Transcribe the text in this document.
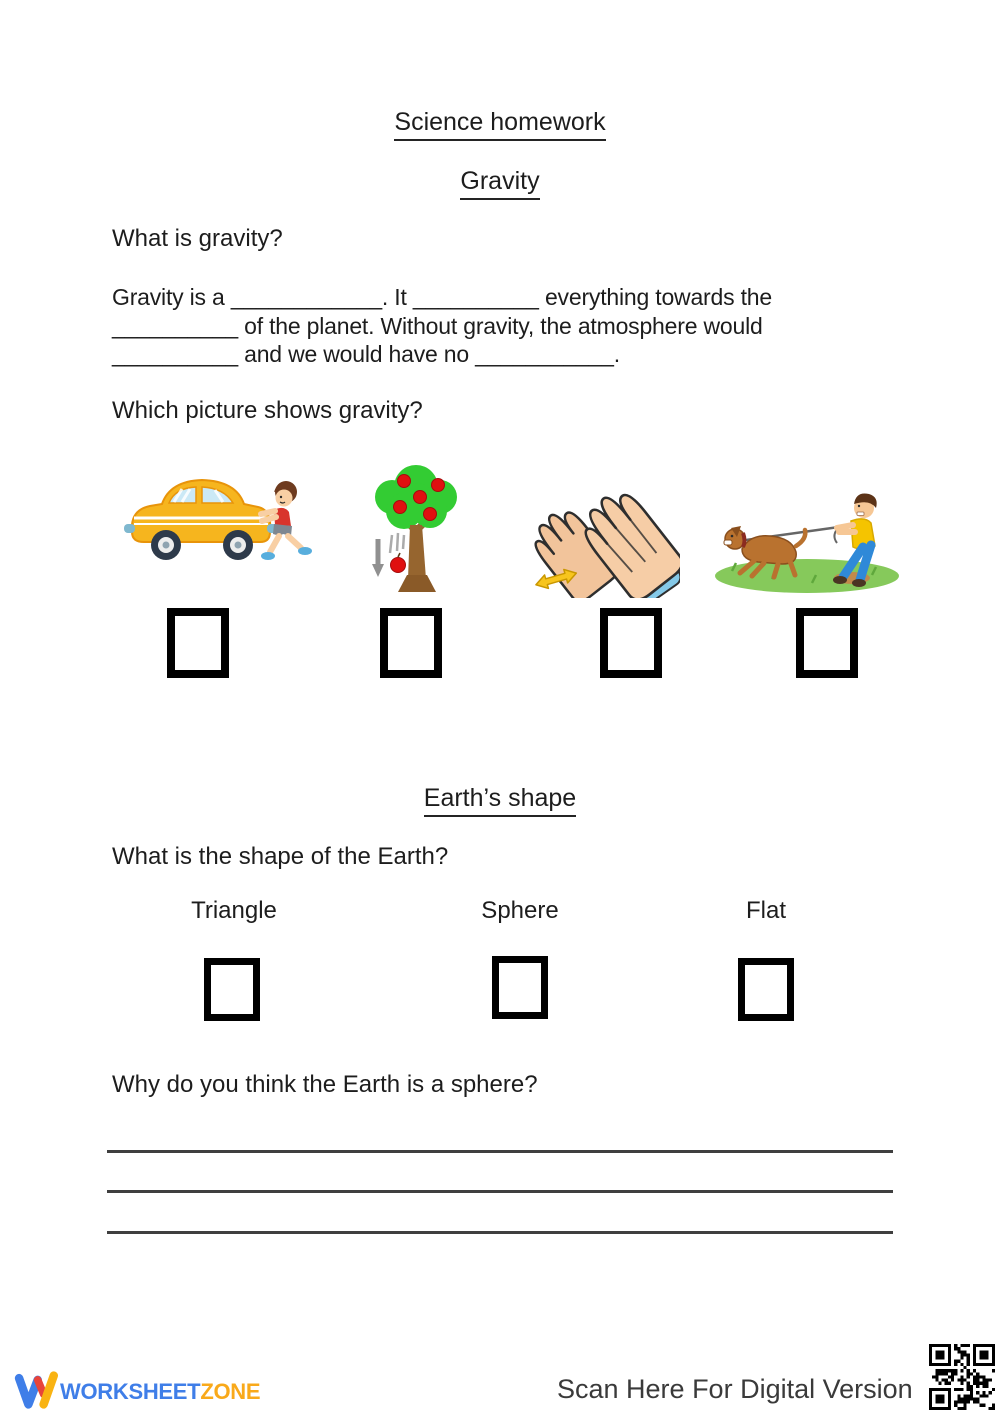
Science homework
Gravity
What is gravity?
Gravity is a ____________. It __________ everything towards the
__________ of the planet. Without gravity, the atmosphere would
__________ and we would have no ___________.
Which picture shows gravity?
Earth’s shape
What is the shape of the Earth?
Triangle	Sphere	Flat
Why do you think the Earth is a sphere?
WORKSHEETZONE	Scan Here For Digital Version
